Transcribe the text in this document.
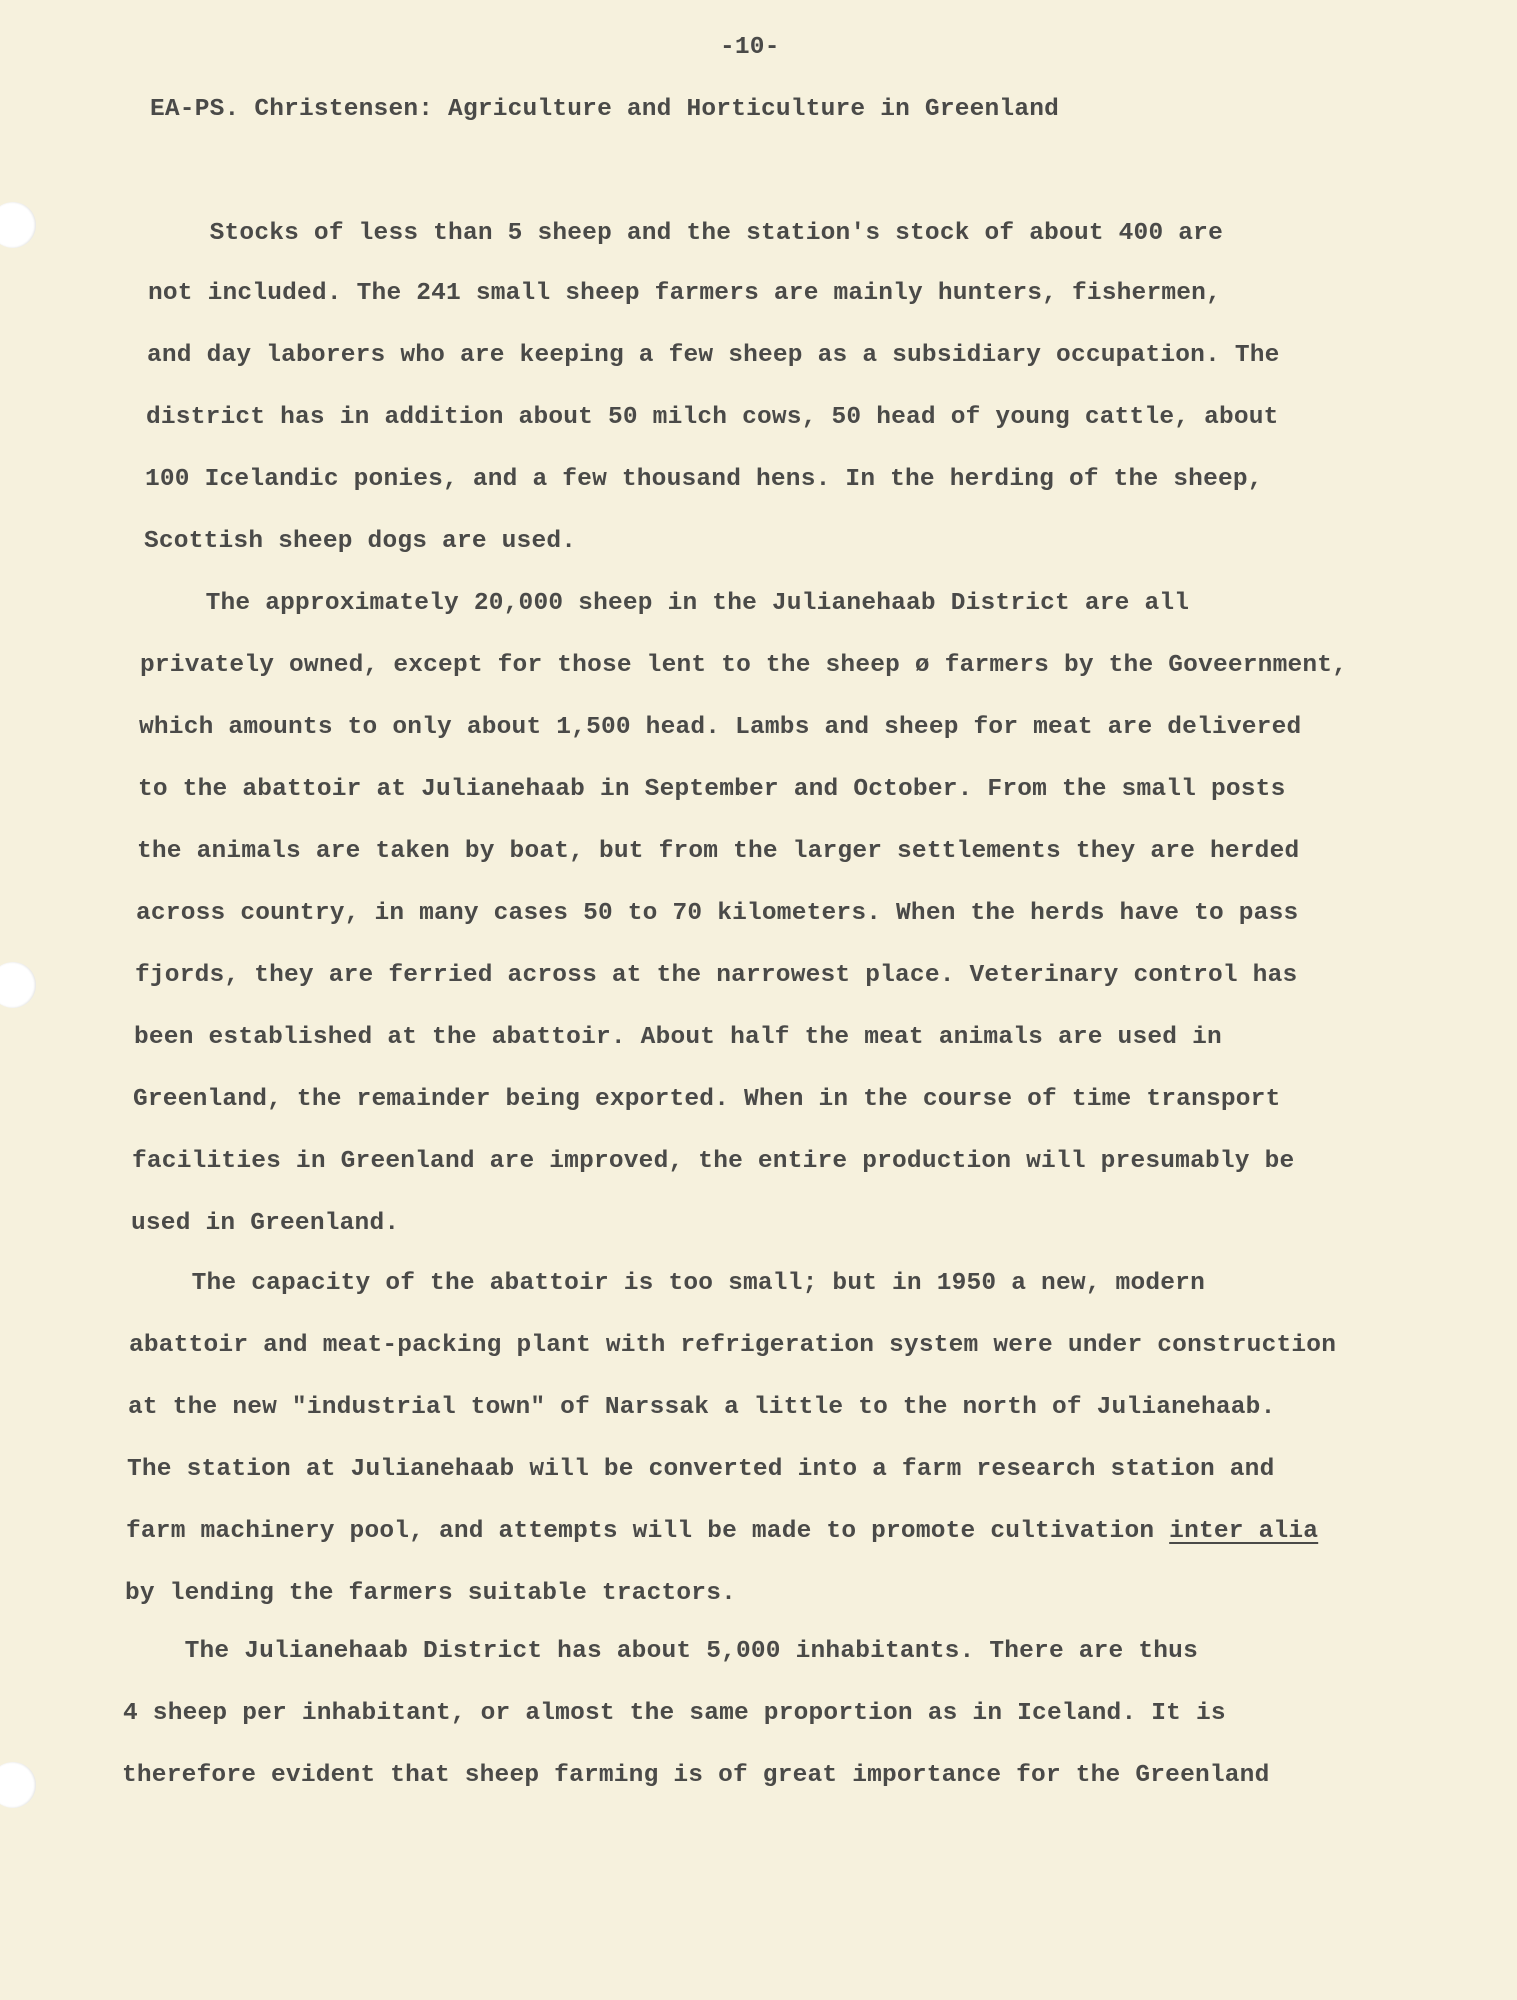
-10-
EA-PS. Christensen: Agriculture and Horticulture in Greenland
Stocks of less than 5 sheep and the station's stock of about 400 are
not included. The 241 small sheep farmers are mainly hunters, fishermen,
and day laborers who are keeping a few sheep as a subsidiary occupation. The
district has in addition about 50 milch cows, 50 head of young cattle, about
100 Icelandic ponies, and a few thousand hens. In the herding of the sheep,
Scottish sheep dogs are used.
The approximately 20,000 sheep in the Julianehaab District are all
privately owned, except for those lent to the sheep ø farmers by the Goveernment,
which amounts to only about 1,500 head. Lambs and sheep for meat are delivered
to the abattoir at Julianehaab in September and October. From the small posts
the animals are taken by boat, but from the larger settlements they are herded
across country, in many cases 50 to 70 kilometers. When the herds have to pass
fjords, they are ferried across at the narrowest place. Veterinary control has
been established at the abattoir. About half the meat animals are used in
Greenland, the remainder being exported. When in the course of time transport
facilities in Greenland are improved, the entire production will presumably be
used in Greenland.
The capacity of the abattoir is too small; but in 1950 a new, modern
abattoir and meat-packing plant with refrigeration system were under construction
at the new "industrial town" of Narssak a little to the north of Julianehaab.
The station at Julianehaab will be converted into a farm research station and
farm machinery pool, and attempts will be made to promote cultivation inter alia
by lending the farmers suitable tractors.
The Julianehaab District has about 5,000 inhabitants. There are thus
4 sheep per inhabitant, or almost the same proportion as in Iceland. It is
therefore evident that sheep farming is of great importance for the Greenland
